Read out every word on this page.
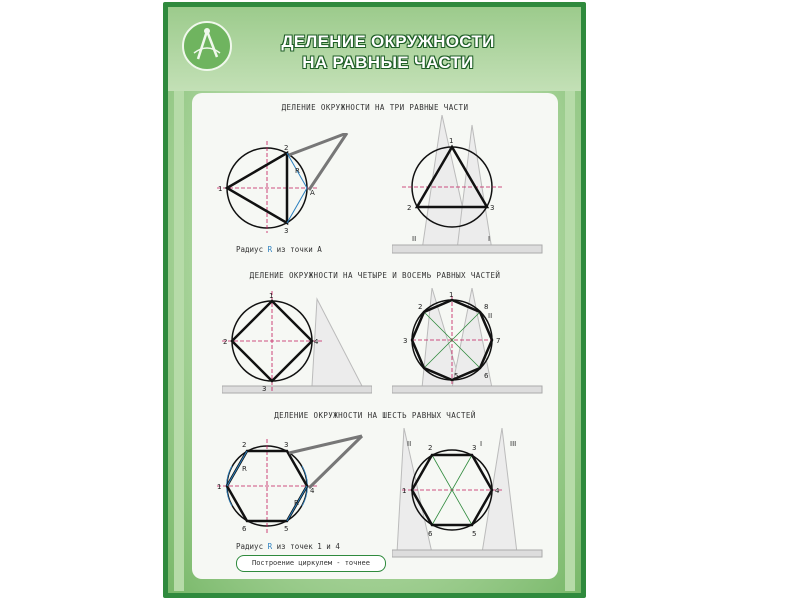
ДЕЛЕНИЕ ОКРУЖНОСТИ
НА РАВНЫЕ ЧАСТИ
ДЕЛЕНИЕ ОКРУЖНОСТИ НА ТРИ РАВНЫЕ ЧАСТИ
ДЕЛЕНИЕ ОКРУЖНОСТИ НА ЧЕТЫРЕ И ВОСЕМЬ РАВНЫХ ЧАСТЕЙ
ДЕЛЕНИЕ ОКРУЖНОСТИ НА ШЕСТЬ РАВНЫХ ЧАСТЕЙ
1
2
3
A
R
Радиус R из точки А
1
2	3
II	I
1
2
3
4
1
2
3
8
7
5	6
II
1
2	3
4
5
6
R
R
Радиус R из точек 1 и 4
Построение циркулем - точнее
2	3
1	4
6	5
II	I	III
